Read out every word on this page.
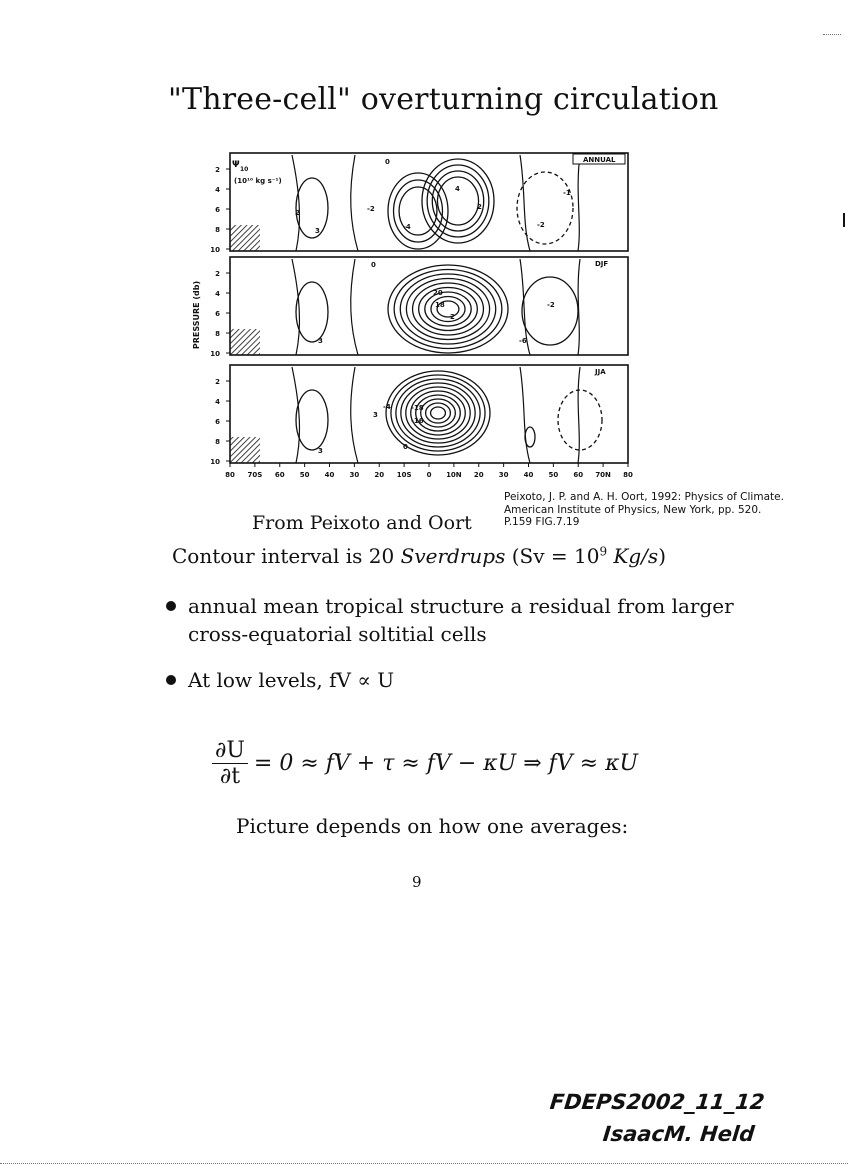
"Three-cell" overturning circulation
ANNUAL
0
2
3
-2
-4
4
2
-1
-2
2
4
6
8
10
Ψ 10
(10¹⁰ kg s⁻¹)
DJF
0
3
20
18
2
-6
-2
2
4
6
8
10
JJA
3
-18
-16
-4
3
0
2
4
6
8
10
PRESSURE (db)
80 70S 60 50 40 30 20 10S 0 10N 20 30 40 50 60 70N 80
From Peixoto and Oort
Peixoto, J. P. and A. H. Oort, 1992: Physics of Climate.
American Institute of Physics, New York, pp. 520.
P.159 FIG.7.19
Contour interval is 20 Sverdrups ($Sv = 10^9$ Kg/s)
annual mean tropical structure a residual from larger
cross-equatorial soltitial cells
At low levels, fV ∝ U
$\frac{\partial U}{\partial t} = 0$ ≈ fV + τ ≈ fV − κU ⇒ fV ≈ κU
Picture depends on how one averages:
9
FDEPS2002_11_12
IsaacM. Held
